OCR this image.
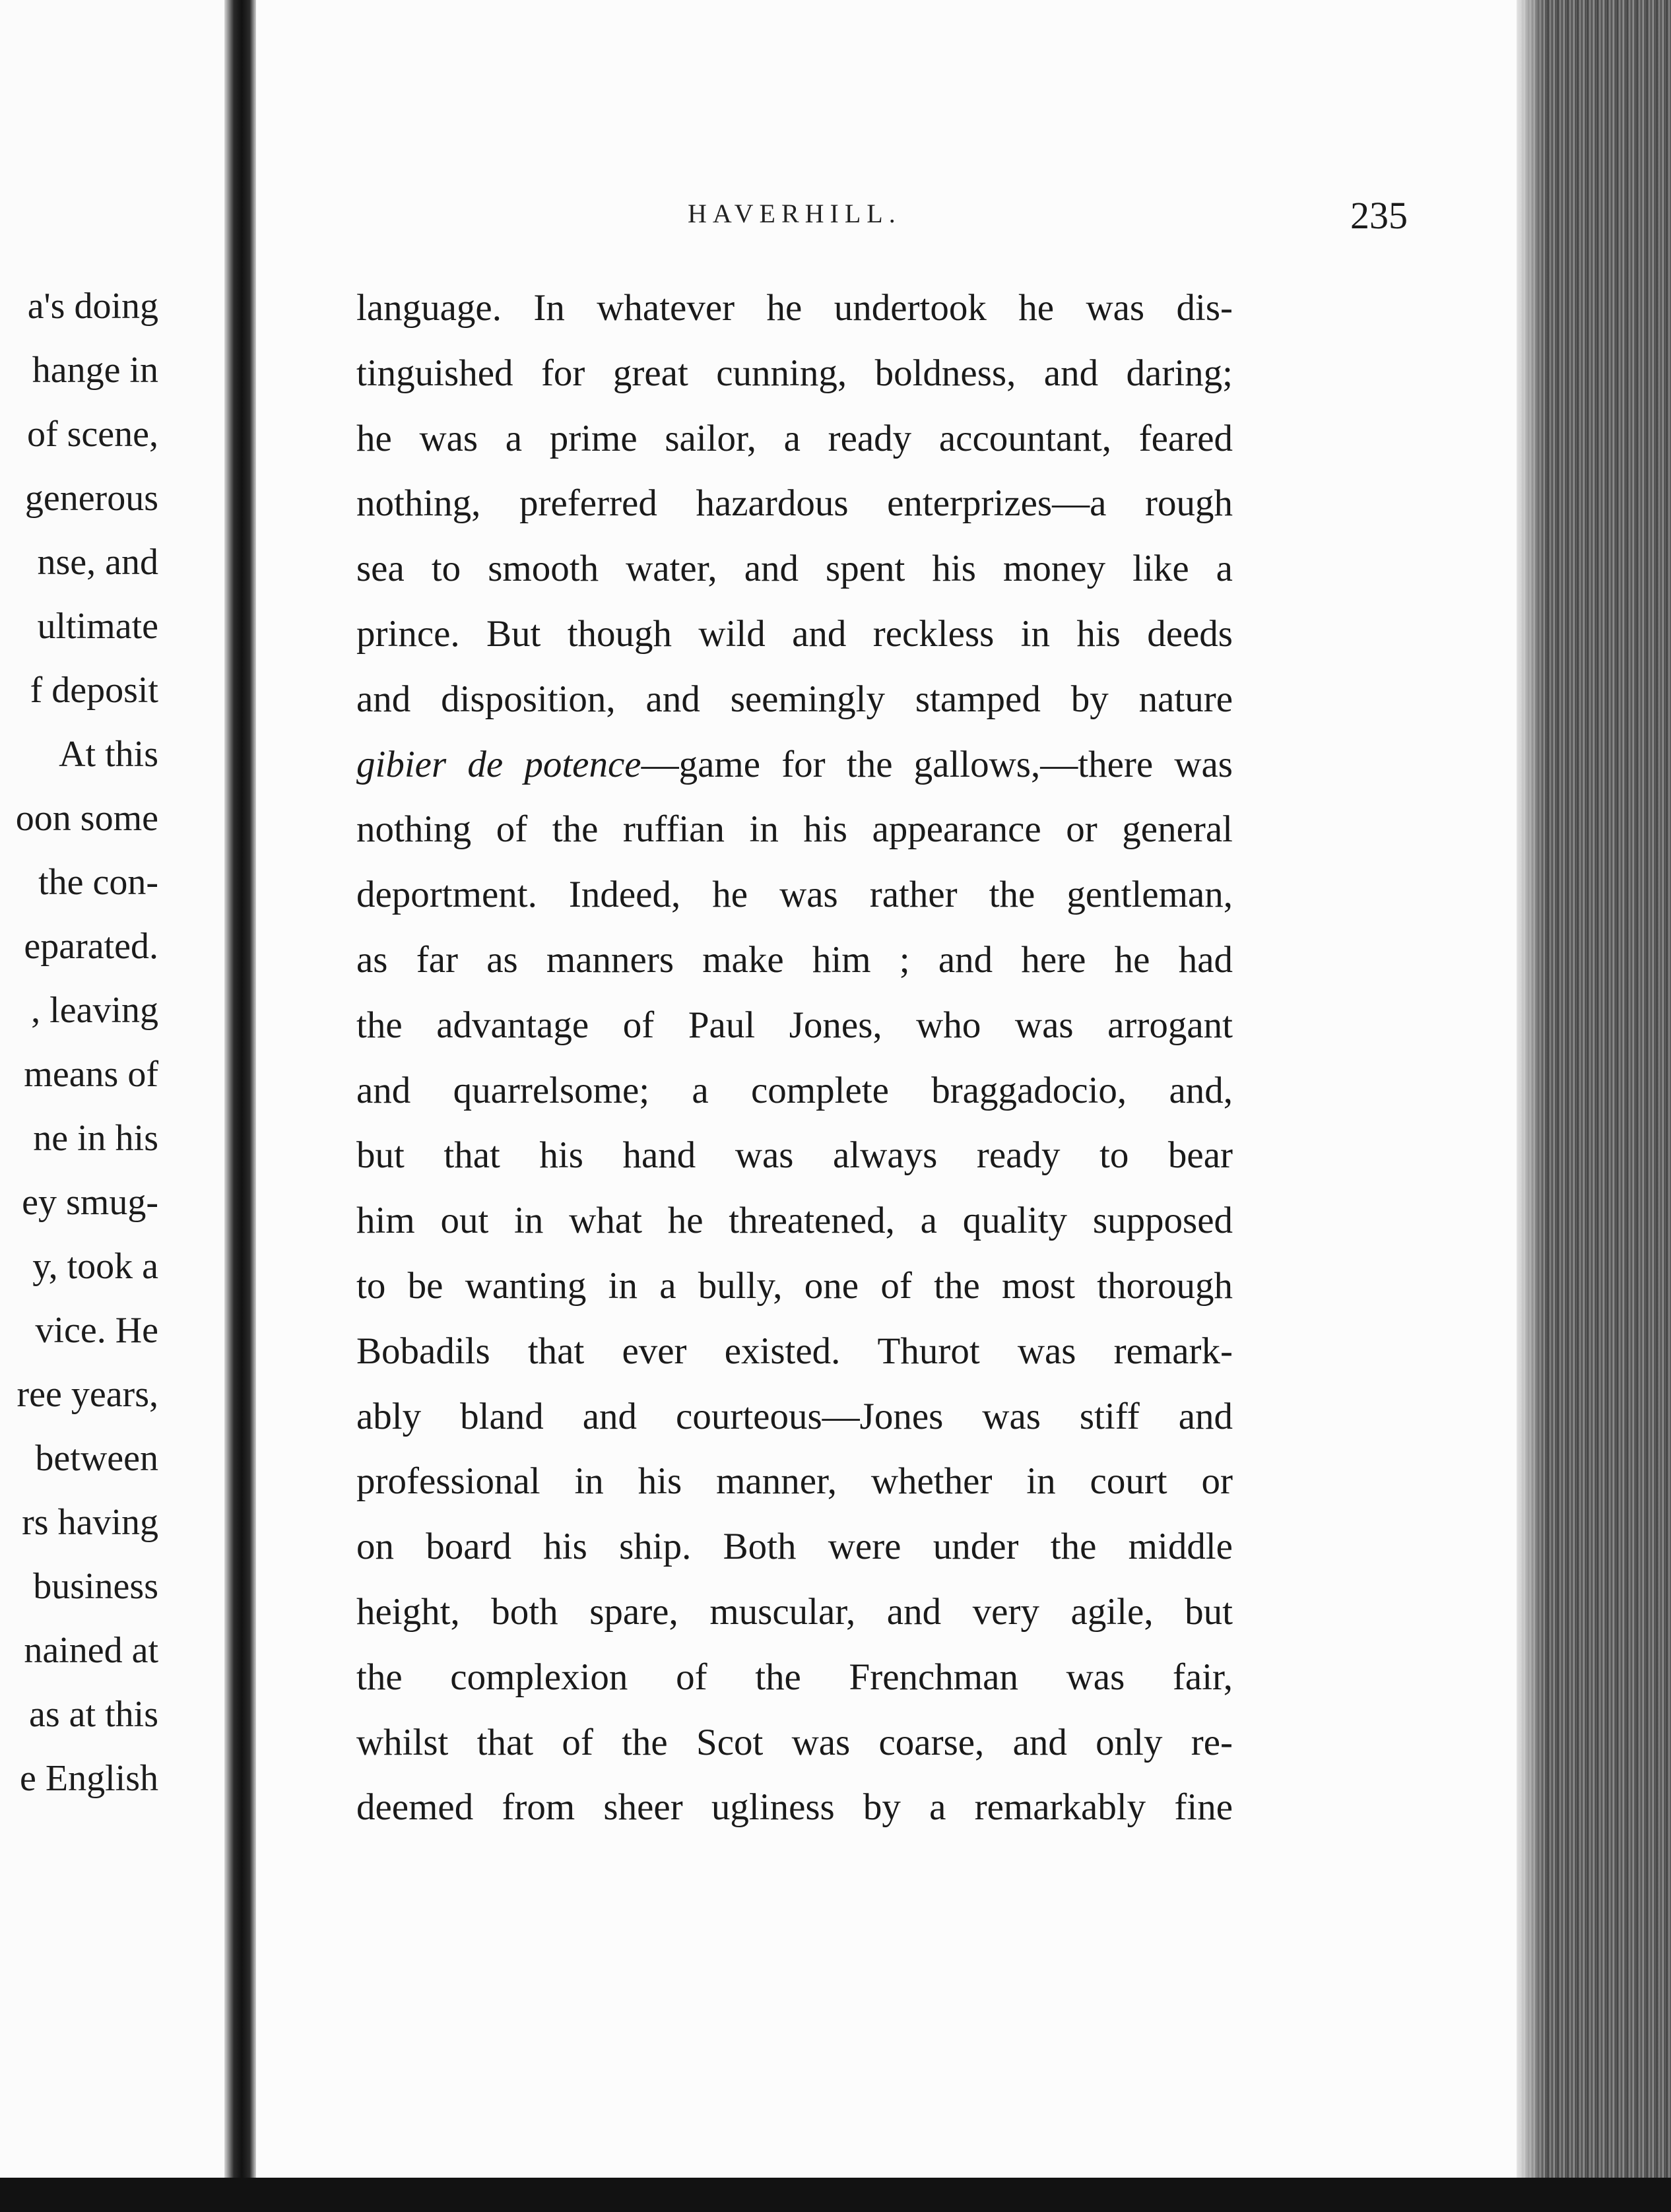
a's doing
hange in
of scene,
generous
nse, and
ultimate
f deposit
At this
oon some
the con-
eparated.
, leaving
means of
ne in his
ey smug-
y, took a
vice. He
ree years,
between
rs having
business
nained at
as at this
e English
HAVERHILL.	235
language. In whatever he undertook he was dis-
tinguished for great cunning, boldness, and daring;
he was a prime sailor, a ready accountant, feared
nothing, preferred hazardous enterprizes—a rough
sea to smooth water, and spent his money like a
prince. But though wild and reckless in his deeds
and disposition, and seemingly stamped by nature
gibier de potence—game for the gallows,—there was
nothing of the ruffian in his appearance or general
deportment. Indeed, he was rather the gentleman,
as far as manners make him ; and here he had
the advantage of Paul Jones, who was arrogant
and quarrelsome; a complete braggadocio, and,
but that his hand was always ready to bear
him out in what he threatened, a quality supposed
to be wanting in a bully, one of the most thorough
Bobadils that ever existed. Thurot was remark-
ably bland and courteous—Jones was stiff and
professional in his manner, whether in court or
on board his ship. Both were under the middle
height, both spare, muscular, and very agile, but
the complexion of the Frenchman was fair,
whilst that of the Scot was coarse, and only re-
deemed from sheer ugliness by a remarkably fine
